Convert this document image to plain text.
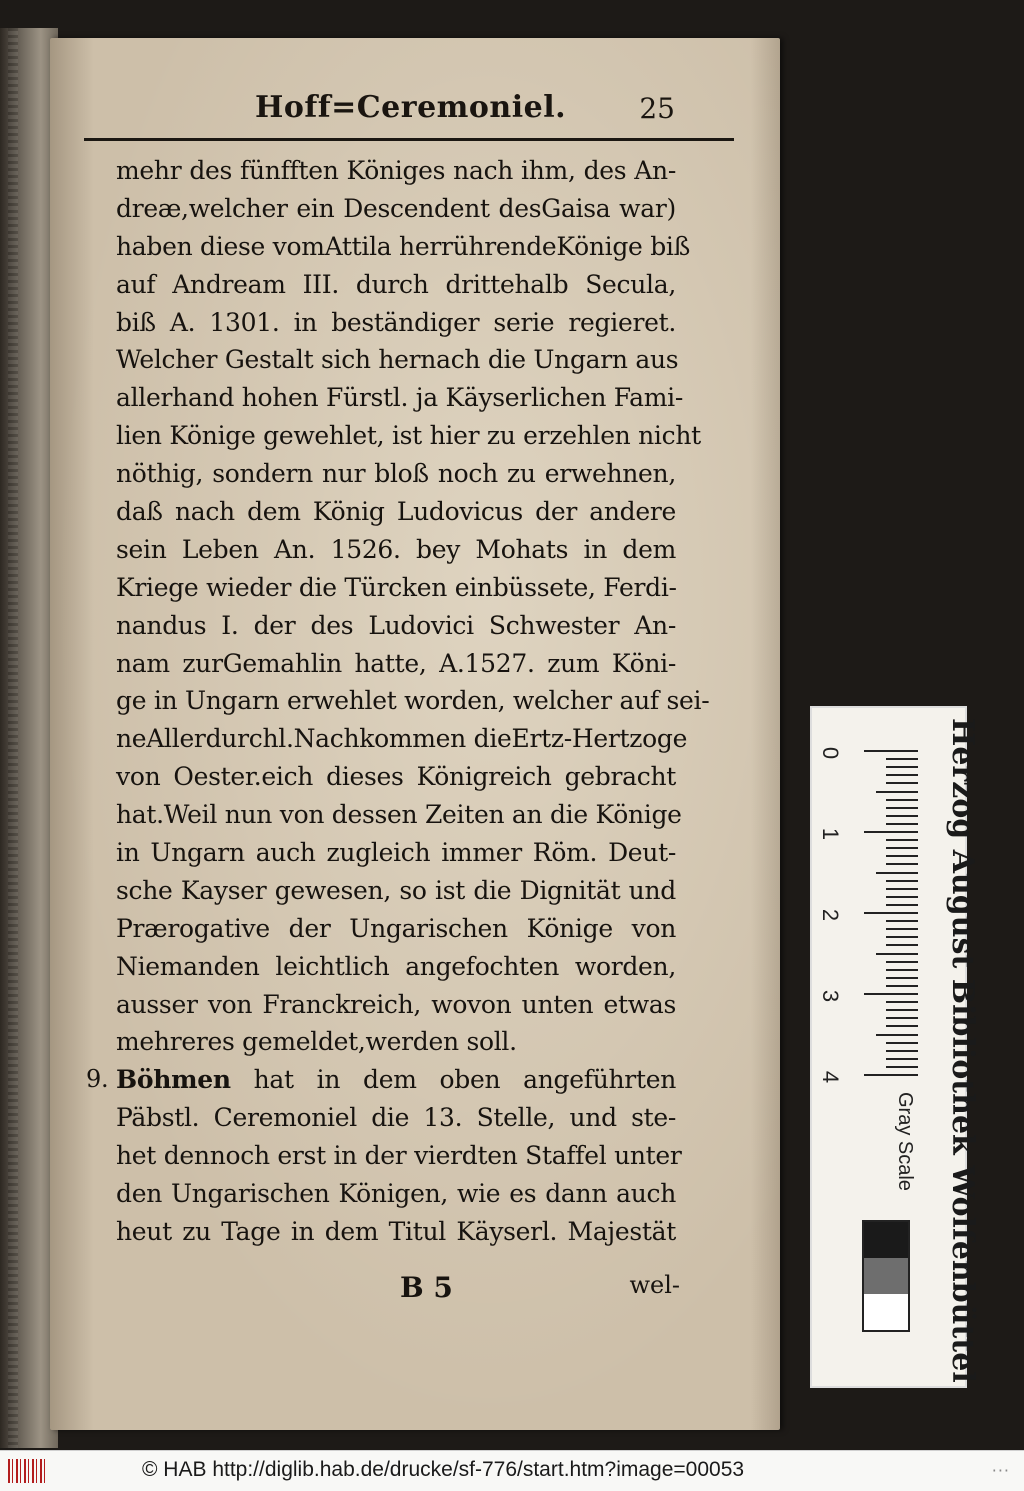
Hoff=Ceremoniel.	25
mehr des fünfften Königes nach ihm, des An-
dreæ,welcher ein Descendent desGaisa war)
haben diese vomAttila herrührendeKönige biß
auf Andream III. durch drittehalb Secula,
biß A. 1301. in beständiger serie regieret.
Welcher Gestalt sich hernach die Ungarn aus
allerhand hohen Fürstl. ja Käyserlichen Fami-
lien Könige gewehlet, ist hier zu erzehlen nicht
nöthig, sondern nur bloß noch zu erwehnen,
daß nach dem König Ludovicus der andere
sein Leben An. 1526. bey Mohats in dem
Kriege wieder die Türcken einbüssete, Ferdi-
nandus I. der des Ludovici Schwester An-
nam zurGemahlin hatte, A.1527. zum Köni-
ge in Ungarn erwehlet worden, welcher auf sei-
neAllerdurchl.Nachkommen dieErtz-Hertzoge
von Oester.eich dieses Königreich gebracht
hat.Weil nun von dessen Zeiten an die Könige
in Ungarn auch zugleich immer Röm. Deut-
sche Kayser gewesen, so ist die Dignität und
Prærogative der Ungarischen Könige von
Niemanden leichtlich angefochten worden,
ausser von Franckreich, wovon unten etwas
mehreres gemeldet,werden soll.
9. Böhmen hat in dem oben angeführten
Päbstl. Ceremoniel die 13. Stelle, und ste-
het dennoch erst in der vierdten Staffel unter
den Ungarischen Königen, wie es dann auch
heut zu Tage in dem Titul Käyserl. Majestät
B 5	wel-	Herzog August Bibliothek Wolfenbüttel
0
1
2
3
4
Gray Scale
© HAB http://diglib.hab.de/drucke/sf-776/start.htm?image=00053	···
